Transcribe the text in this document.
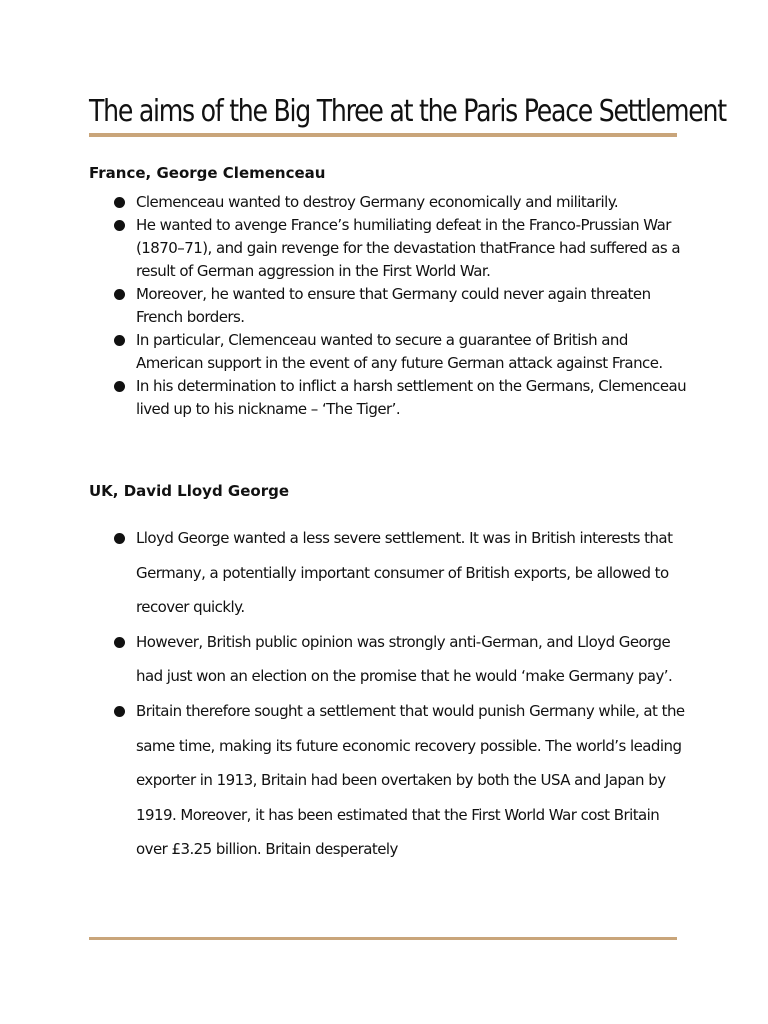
The aims of the Big Three at the Paris Peace Settlement
France, George Clemenceau
Clemenceau wanted to destroy Germany economically and militarily.
He wanted to avenge France’s humiliating defeat in the Franco-Prussian War (1870–71), and gain revenge for the devastation thatFrance had suffered as a result of German aggression in the First World War.
Moreover, he wanted to ensure that Germany could never again threaten French borders.
In particular, Clemenceau wanted to secure a guarantee of British and American support in the event of any future German attack against France.
In his determination to inflict a harsh settlement on the Germans, Clemenceau lived up to his nickname – ‘The Tiger’.
UK, David Lloyd George
Lloyd George wanted a less severe settlement. It was in British interests that Germany, a potentially important consumer of British exports, be allowed to recover quickly.
However, British public opinion was strongly anti-German, and Lloyd George had just won an election on the promise that he would ‘make Germany pay’.
Britain therefore sought a settlement that would punish Germany while, at the same time, making its future economic recovery possible. The world’s leading exporter in 1913, Britain had been overtaken by both the USA and Japan by 1919. Moreover, it has been estimated that the First World War cost Britain over £3.25 billion. Britain desperately
